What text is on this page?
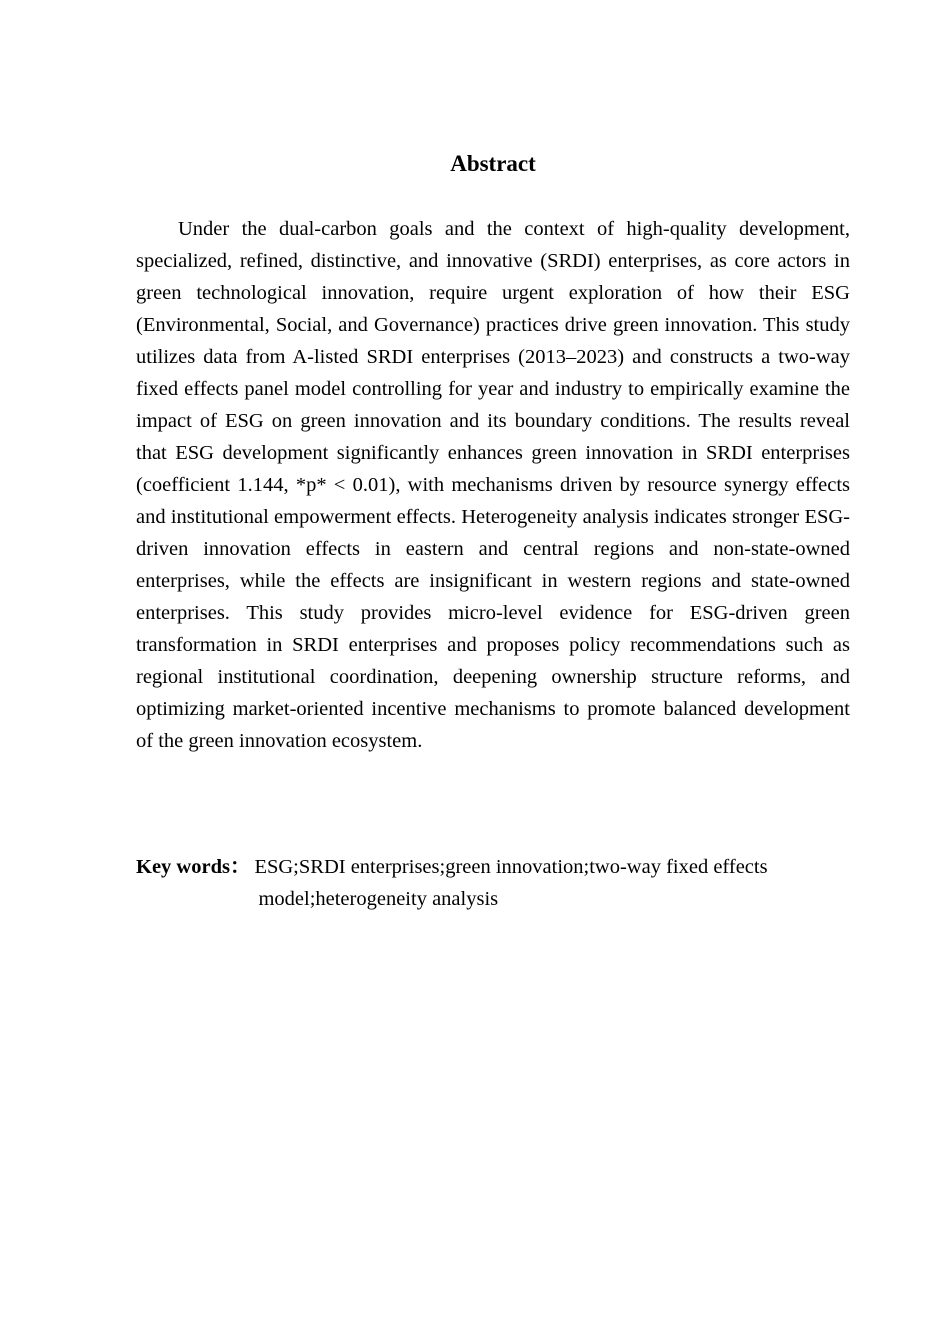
Abstract

Under the dual-carbon goals and the context of high-quality development, specialized, refined, distinctive, and innovative (SRDI) enterprises, as core actors in green technological innovation, require urgent exploration of how their ESG (Environmental, Social, and Governance) practices drive green innovation. This study utilizes data from A-listed SRDI enterprises (2013–2023) and constructs a two-way fixed effects panel model controlling for year and industry to empirically examine the impact of ESG on green innovation and its boundary conditions. The results reveal that ESG development significantly enhances green innovation in SRDI enterprises (coefficient 1.144, *p* < 0.01), with mechanisms driven by resource synergy effects and institutional empowerment effects. Heterogeneity analysis indicates stronger ESG-driven innovation effects in eastern and central regions and non-state-owned enterprises, while the effects are insignificant in western regions and state-owned enterprises. This study provides micro-level evidence for ESG-driven green transformation in SRDI enterprises and proposes policy recommendations such as regional institutional coordination, deepening ownership structure reforms, and optimizing market-oriented incentive mechanisms to promote balanced development of the green innovation ecosystem.

Key words ： ESG;SRDI enterprises;green innovation;two-way fixed effects model;heterogeneity analysis
